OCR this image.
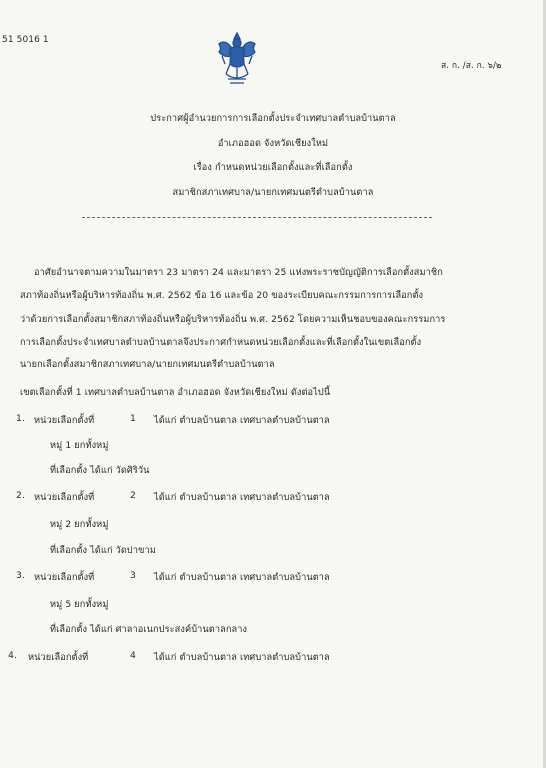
51 5016 1
ส. ก. /ส. ก. ๖/๒
ประกาศผู้อำนวยการการเลือกตั้งประจำเทศบาลตำบลบ้านตาล
อำเภอฮอด จังหวัดเชียงใหม่
เรื่อง กำหนดหน่วยเลือกตั้งและที่เลือกตั้ง
สมาชิกสภาเทศบาล/นายกเทศมนตรีตำบลบ้านตาล
อาศัยอำนาจตามความในมาตรา 23 มาตรา 24 และมาตรา 25 แห่งพระราชบัญญัติการเลือกตั้งสมาชิก
สภาท้องถิ่นหรือผู้บริหารท้องถิ่น พ.ศ. 2562 ข้อ 16 และข้อ 20 ของระเบียบคณะกรรมการการเลือกตั้ง
ว่าด้วยการเลือกตั้งสมาชิกสภาท้องถิ่นหรือผู้บริหารท้องถิ่น พ.ศ. 2562 โดยความเห็นชอบของคณะกรรมการ
การเลือกตั้งประจำเทศบาลตำบลบ้านตาลจึงประกาศกำหนดหน่วยเลือกตั้งและที่เลือกตั้งในเขตเลือกตั้ง
นายกเลือกตั้งสมาชิกสภาเทศบาล/นายกเทศมนตรีตำบลบ้านตาล
เขตเลือกตั้งที่ 1 เทศบาลตำบลบ้านตาล อำเภอฮอด จังหวัดเชียงใหม่ ดังต่อไปนี้
1. หน่วยเลือกตั้งที่	1 ได้แก่ ตำบลบ้านตาล เทศบาลตำบลบ้านตาล
หมู่ 1 ยกทั้งหมู่
ที่เลือกตั้ง ได้แก่ วัดศิริวัน
2. หน่วยเลือกตั้งที่	2 ได้แก่ ตำบลบ้านตาล เทศบาลตำบลบ้านตาล
หมู่ 2 ยกทั้งหมู่
ที่เลือกตั้ง ได้แก่ วัดบ่าขาม
3. หน่วยเลือกตั้งที่	3 ได้แก่ ตำบลบ้านตาล เทศบาลตำบลบ้านตาล
หมู่ 5 ยกทั้งหมู่
ที่เลือกตั้ง ได้แก่ ศาลาอเนกประสงค์บ้านตาลกลาง
4. หน่วยเลือกตั้งที่	4 ได้แก่ ตำบลบ้านตาล เทศบาลตำบลบ้านตาล
